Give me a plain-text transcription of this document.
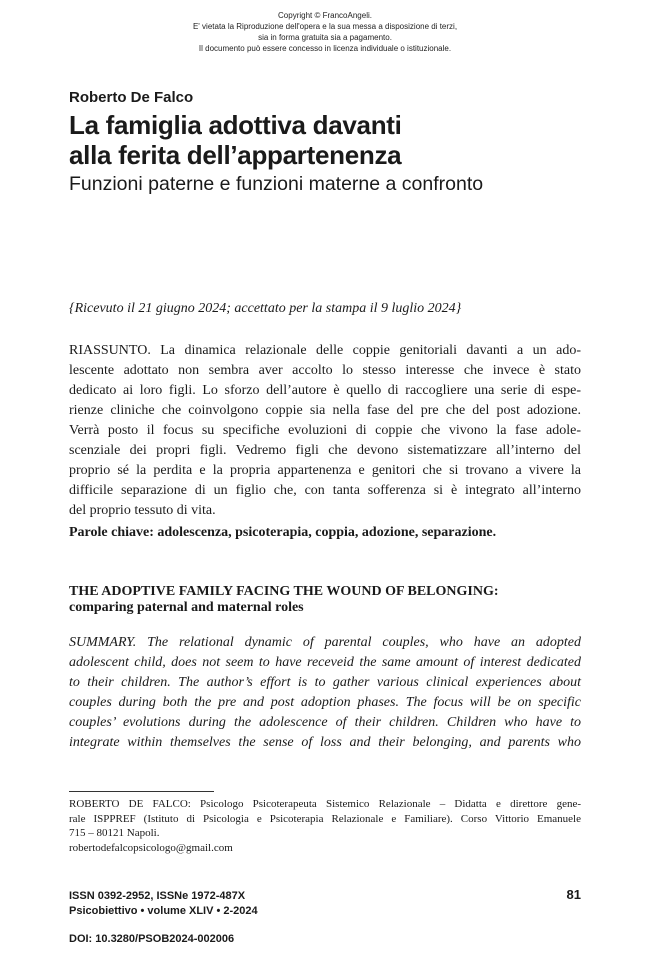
Copyright © FrancoAngeli.
E' vietata la Riproduzione dell'opera e la sua messa a disposizione di terzi,
sia in forma gratuita sia a pagamento.
Il documento può essere concesso in licenza individuale o istituzionale.
Roberto De Falco
La famiglia adottiva davanti
alla ferita dell’appartenenza
Funzioni paterne e funzioni materne a confronto
{Ricevuto il 21 giugno 2024; accettato per la stampa il 9 luglio 2024}
RIASSUNTO. La dinamica relazionale delle coppie genitoriali davanti a un ado-
lescente adottato non sembra aver accolto lo stesso interesse che invece è stato
dedicato ai loro figli. Lo sforzo dell’autore è quello di raccogliere una serie di espe-
rienze cliniche che coinvolgono coppie sia nella fase del pre che del post adozione.
Verrà posto il focus su specifiche evoluzioni di coppie che vivono la fase adole-
scenziale dei propri figli. Vedremo figli che devono sistematizzare all’interno del
proprio sé la perdita e la propria appartenenza e genitori che si trovano a vivere la
difficile separazione di un figlio che, con tanta sofferenza si è integrato all’interno
del proprio tessuto di vita.
Parole chiave: adolescenza, psicoterapia, coppia, adozione, separazione.
THE ADOPTIVE FAMILY FACING THE WOUND OF BELONGING:
comparing paternal and maternal roles
SUMMARY. The relational dynamic of parental couples, who have an adopted
adolescent child, does not seem to have receveid the same amount of interest dedicated
to their children. The author’s effort is to gather various clinical experiences about
couples during both the pre and post adoption phases. The focus will be on specific
couples’ evolutions during the adolescence of their children. Children who have to
integrate within themselves the sense of loss and their belonging, and parents who
ROBERTO DE FALCO: Psicologo Psicoterapeuta Sistemico Relazionale – Didatta e direttore gene-
rale ISPPREF (Istituto di Psicologia e Psicoterapia Relazionale e Familiare). Corso Vittorio Emanuele
715 – 80121 Napoli.
robertodefalcopsicologo@gmail.com
ISSN 0392-2952, ISSNe 1972-487X
Psicobiettivo • volume XLIV • 2-2024
81
DOI: 10.3280/PSOB2024-002006
